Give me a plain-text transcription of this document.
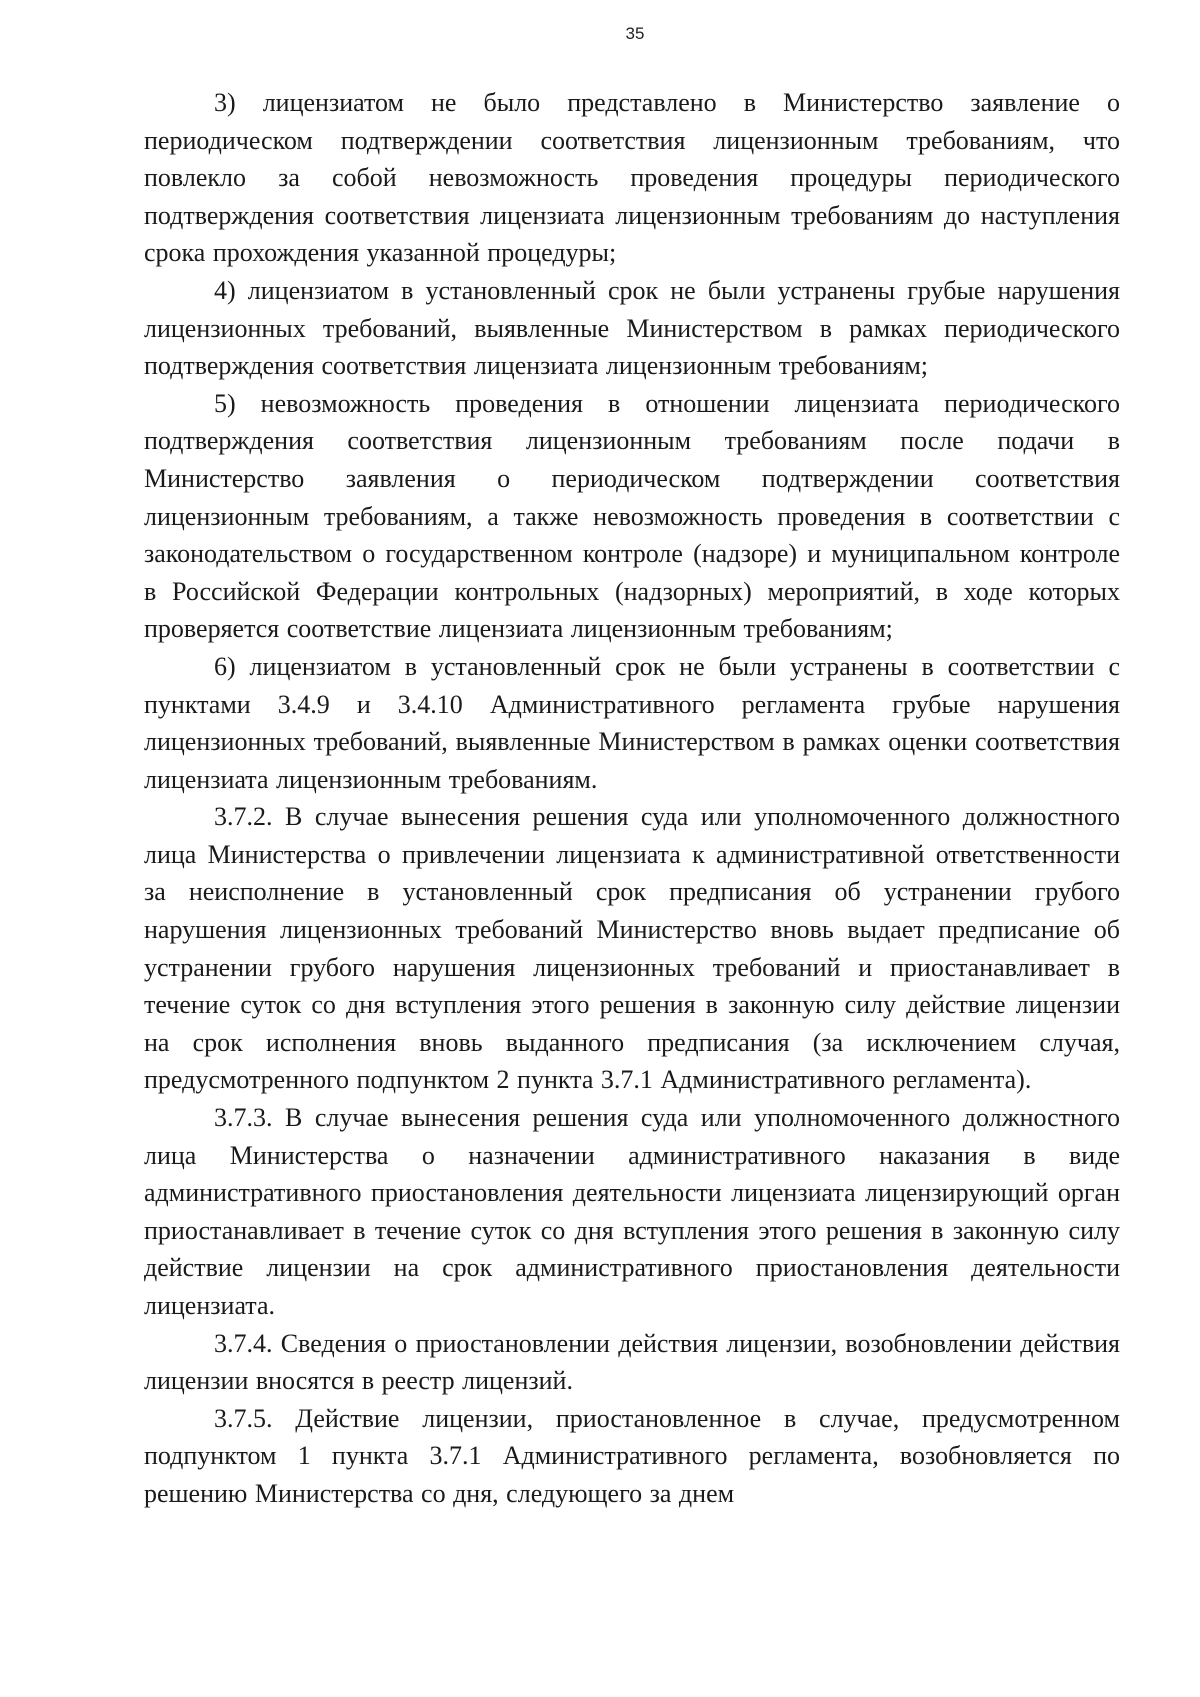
35

3) лицензиатом не было представлено в Министерство заявление о периодическом подтверждении соответствия лицензионным требованиям, что повлекло за собой невозможность проведения процедуры периодического подтверждения соответствия лицензиата лицензионным требованиям до наступления срока прохождения указанной процедуры;

4) лицензиатом в установленный срок не были устранены грубые нарушения лицензионных требований, выявленные Министерством в рамках периодического подтверждения соответствия лицензиата лицензионным требованиям;

5) невозможность проведения в отношении лицензиата периодического подтверждения соответствия лицензионным требованиям после подачи в Министерство заявления о периодическом подтверждении соответствия лицензионным требованиям, а также невозможность проведения в соответствии с законодательством о государственном контроле (надзоре) и муниципальном контроле в Российской Федерации контрольных (надзорных) мероприятий, в ходе которых проверяется соответствие лицензиата лицензионным требованиям;

6) лицензиатом в установленный срок не были устранены в соответствии с пунктами 3.4.9 и 3.4.10 Административного регламента грубые нарушения лицензионных требований, выявленные Министерством в рамках оценки соответствия лицензиата лицензионным требованиям.

3.7.2. В случае вынесения решения суда или уполномоченного должностного лица Министерства о привлечении лицензиата к административной ответственности за неисполнение в установленный срок предписания об устранении грубого нарушения лицензионных требований Министерство вновь выдает предписание об устранении грубого нарушения лицензионных требований и приостанавливает в течение суток со дня вступления этого решения в законную силу действие лицензии на срок исполнения вновь выданного предписания (за исключением случая, предусмотренного подпунктом 2 пункта 3.7.1 Административного регламента).

3.7.3. В случае вынесения решения суда или уполномоченного должностного лица Министерства о назначении административного наказания в виде административного приостановления деятельности лицензиата лицензирующий орган приостанавливает в течение суток со дня вступления этого решения в законную силу действие лицензии на срок административного приостановления деятельности лицензиата.

3.7.4. Сведения о приостановлении действия лицензии, возобновлении действия лицензии вносятся в реестр лицензий.

3.7.5. Действие лицензии, приостановленное в случае, предусмотренном подпунктом 1 пункта 3.7.1 Административного регламента, возобновляется по решению Министерства со дня, следующего за днем
